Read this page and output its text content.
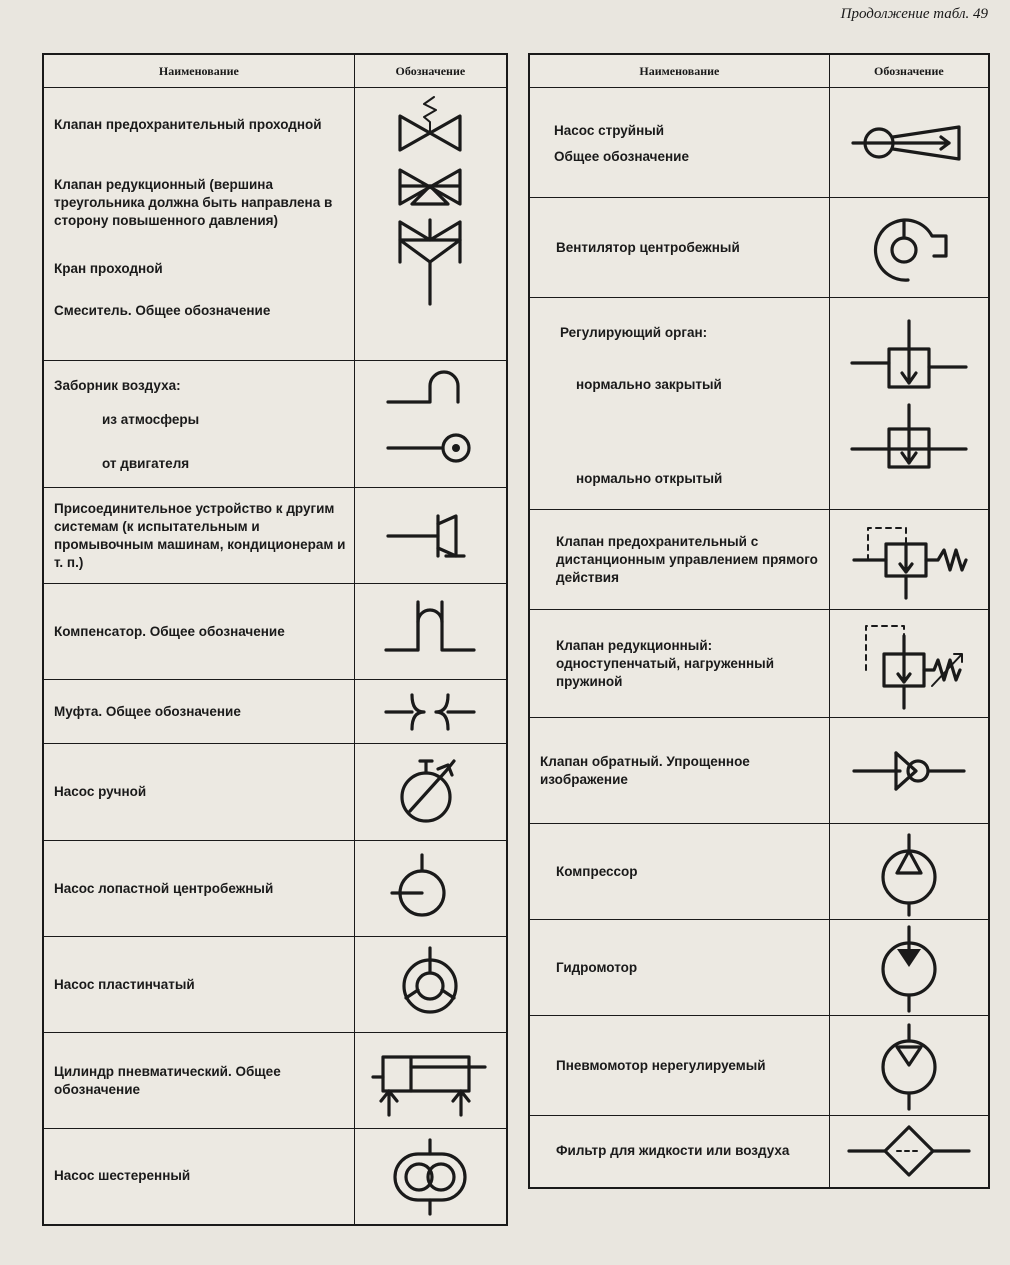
Продолжение табл. 49
Наименование	Обозначение

Клапан предохранительный проходной
Клапан редукционный (вершина треугольника должна быть направлена в сторону повышенного давления)
Кран проходной
Смеситель. Общее обозначение

Заборник воздуха:
из атмосферы
от двигателя

Присоединительное устройство к другим системам (к испытательным и промывочным машинам, кондиционерам и т. п.)	

Компенсатор. Общее обозначение	

Муфта. Общее обозначение	

Насос ручной	

Насос лопастной центробежный	

Насос пластинчатый	

Цилиндр пневматический. Общее обозначение	

Насос шестеренный	
Наименование	Обозначение

Насос струйный
Общее обозначение

Вентилятор центробежный	

Регулирующий орган:
нормально закрытый
нормально открытый

Клапан предохранительный с дистанционным управлением прямого действия	

Клапан редукционный: одноступенчатый, нагруженный пружиной	

Клапан обратный. Упрощенное изображение	

Компрессор	

Гидромотор	

Пневмомотор нерегулируемый	

Фильтр для жидкости или воздуха	
